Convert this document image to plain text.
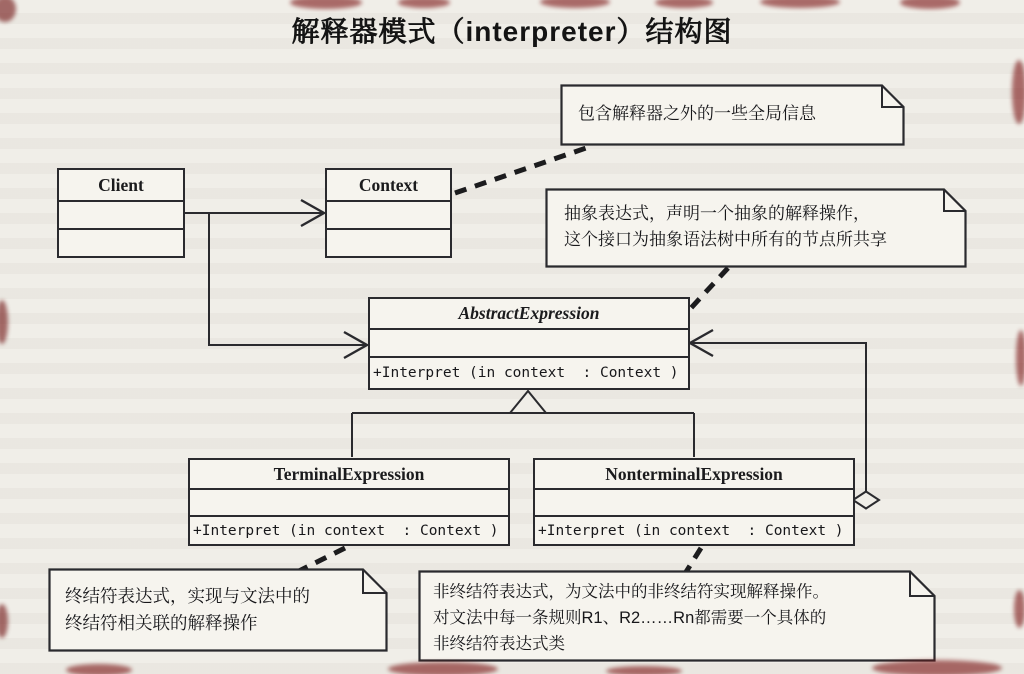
解释器模式（interpreter）结构图
Client	Context
AbstractExpression
+Interpret (in context  : Context )
TerminalExpression
+Interpret (in context  : Context )
NonterminalExpression
+Interpret (in context  : Context )
包含解释器之外的一些全局信息
抽象表达式，声明一个抽象的解释操作，
这个接口为抽象语法树中所有的节点所共享
终结符表达式，实现与文法中的
终结符相关联的解释操作
非终结符表达式，为文法中的非终结符实现解释操作。
对文法中每一条规则R1、R2……Rn都需要一个具体的
非终结符表达式类
